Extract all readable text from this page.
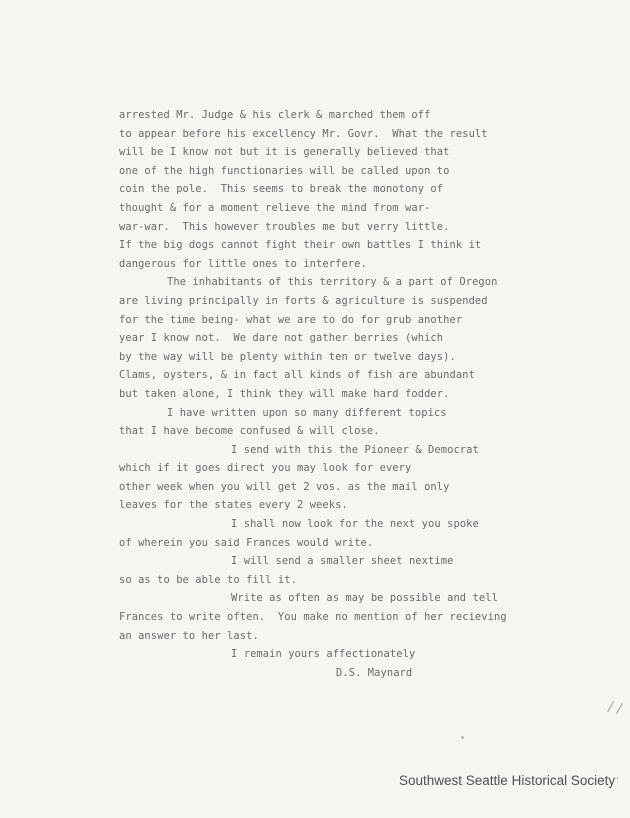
arrested Mr. Judge & his clerk & marched them off
to appear before his excellency Mr. Govr.  What the result
will be I know not but it is generally believed that
one of the high functionaries will be called upon to
coin the pole.  This seems to break the monotony of
thought & for a moment relieve the mind from war-
war-war.  This however troubles me but verry little.
If the big dogs cannot fight their own battles I think it
dangerous for little ones to interfere.
The inhabitants of this territory & a part of Oregon
are living principally in forts & agriculture is suspended
for the time being- what we are to do for grub another
year I know not.  We dare not gather berries (which
by the way will be plenty within ten or twelve days).
Clams, oysters, & in fact all kinds of fish are abundant
but taken alone, I think they will make hard fodder.
I have written upon so many different topics
that I have become confused & will close.
I send with this the Pioneer & Democrat
which if it goes direct you may look for every
other week when you will get 2 vos. as the mail only
leaves for the states every 2 weeks.
I shall now look for the next you spoke
of wherein you said Frances would write.
I will send a smaller sheet nextime
so as to be able to fill it.
Write as often as may be possible and tell
Frances to write often.  You make no mention of her recieving
an answer to her last.
I remain yours affectionately
D.S. Maynard
/ /
'
Southwest Seattle Historical Society
